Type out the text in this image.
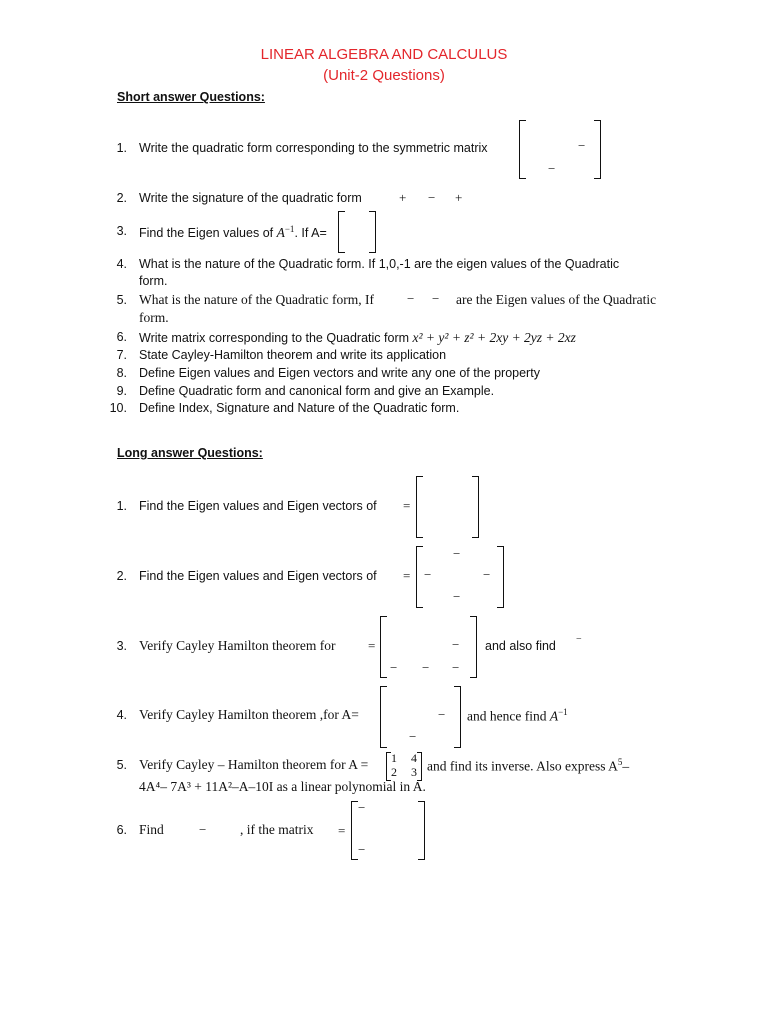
LINEAR ALGEBRA AND CALCULUS
(Unit-2 Questions)
Short answer Questions:
1. Write the quadratic form corresponding to the symmetric matrix	−
−
2. Write the signature of the quadratic form	+ − +
3. Find the Eigen values of $A^{-1}$. If A=
4. What is the nature of the Quadratic form. If 1,0,-1 are the eigen values of the Quadratic
form.
5. What is the nature of the Quadratic form, If	− − are the Eigen values of the Quadratic
form.
6. Write matrix corresponding to the Quadratic form x² + y² + z² + 2xy + 2yz + 2xz
7. State Cayley-Hamilton theorem and write its application
8. Define Eigen values and Eigen vectors and write any one of the property
9. Define Quadratic form and canonical form and give an Example.
10. Define Index, Signature and Nature of the Quadratic form.
Long answer Questions:
1. Find the Eigen values and Eigen vectors of =
2. Find the Eigen values and Eigen vectors of =
−
−	−
−
3. Verify Cayley Hamilton theorem for	=	−
− − −
and also find −
4. Verify Cayley Hamilton theorem ,for A=	−
−
and hence find $A^{-1}$
5. Verify Cayley – Hamilton theorem for A = 1 4
2 3 and find its inverse. Also express $A^5-$
4A⁴– 7A³ + 11A²–A–10I as a linear polynomial in A.
6. Find	− , if the matrix =
−
−
